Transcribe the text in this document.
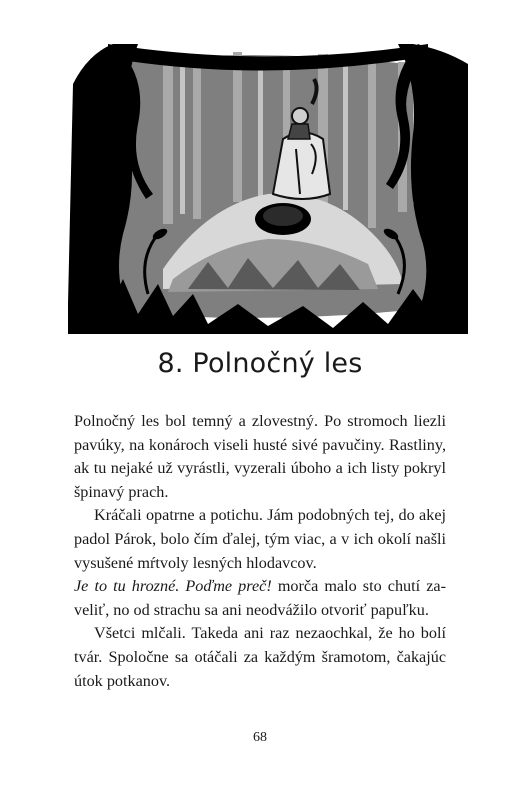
8. Polnočný les

Polnočný les bol temný a zlovestný. Po stromoch liezli pavúky, na konároch viseli husté sivé pavučiny. Rastliny, ak tu nejaké už vyrástli, vyzerali úboho a ich listy pokryl špinavý prach.

Kráčali opatrne a potichu. Jám podobných tej, do akej padol Párok, bolo čím ďalej, tým viac, a v ich okolí našli vysušené mŕtvoly lesných hlodavcov.

Je to tu hrozné. Poďme preč! morča malo sto chutí zaveliť, no od strachu sa ani neodvážilo otvoriť papuľku.

Všetci mlčali. Takeda ani raz nezaochkal, že ho bolí tvár. Spoločne sa otáčali za každým šramotom, čakajúc útok potkanov.

68
